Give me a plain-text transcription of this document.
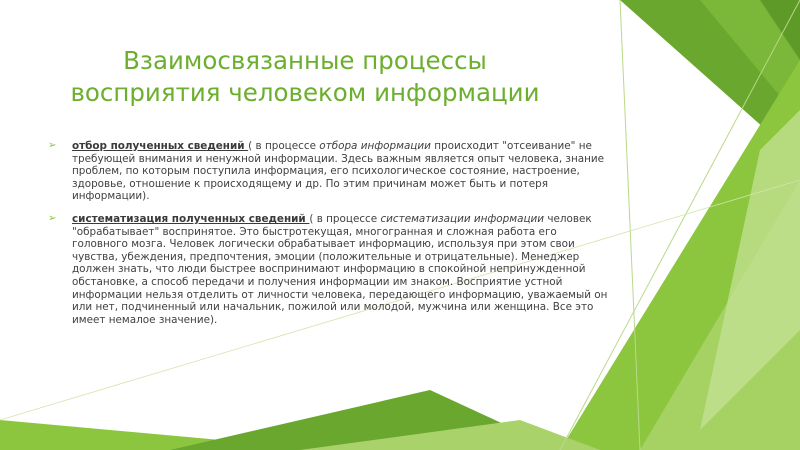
Взаимосвязанные процессы
восприятия человеком информации
➢ отбор полученных сведений ( в процессе отбора информации происходит "отсеивание" не требующей внимания и ненужной информации. Здесь важным является опыт человека, знание проблем, по которым поступила информация, его психологическое состояние, настроение, здоровье, отношение к происходящему и др. По этим причинам может быть и потеря информации).
➢ систематизация полученных сведений ( в процессе систематизации информации человек "обрабатывает" воспринятое. Это быстротекущая, многогранная и сложная работа его головного мозга. Человек логически обрабатывает информацию, используя при этом свои чувства, убеждения, предпочтения, эмоции (положительные и отрицательные). Менеджер должен знать, что люди быстрее воспринимают информацию в спокойной непринужденной обстановке, а способ передачи и получения информации им знаком. Восприятие устной информации нельзя отделить от личности человека, передающего информацию, уважаемый он или нет, подчиненный или начальник, пожилой или молодой, мужчина или женщина. Все это имеет немалое значение).
